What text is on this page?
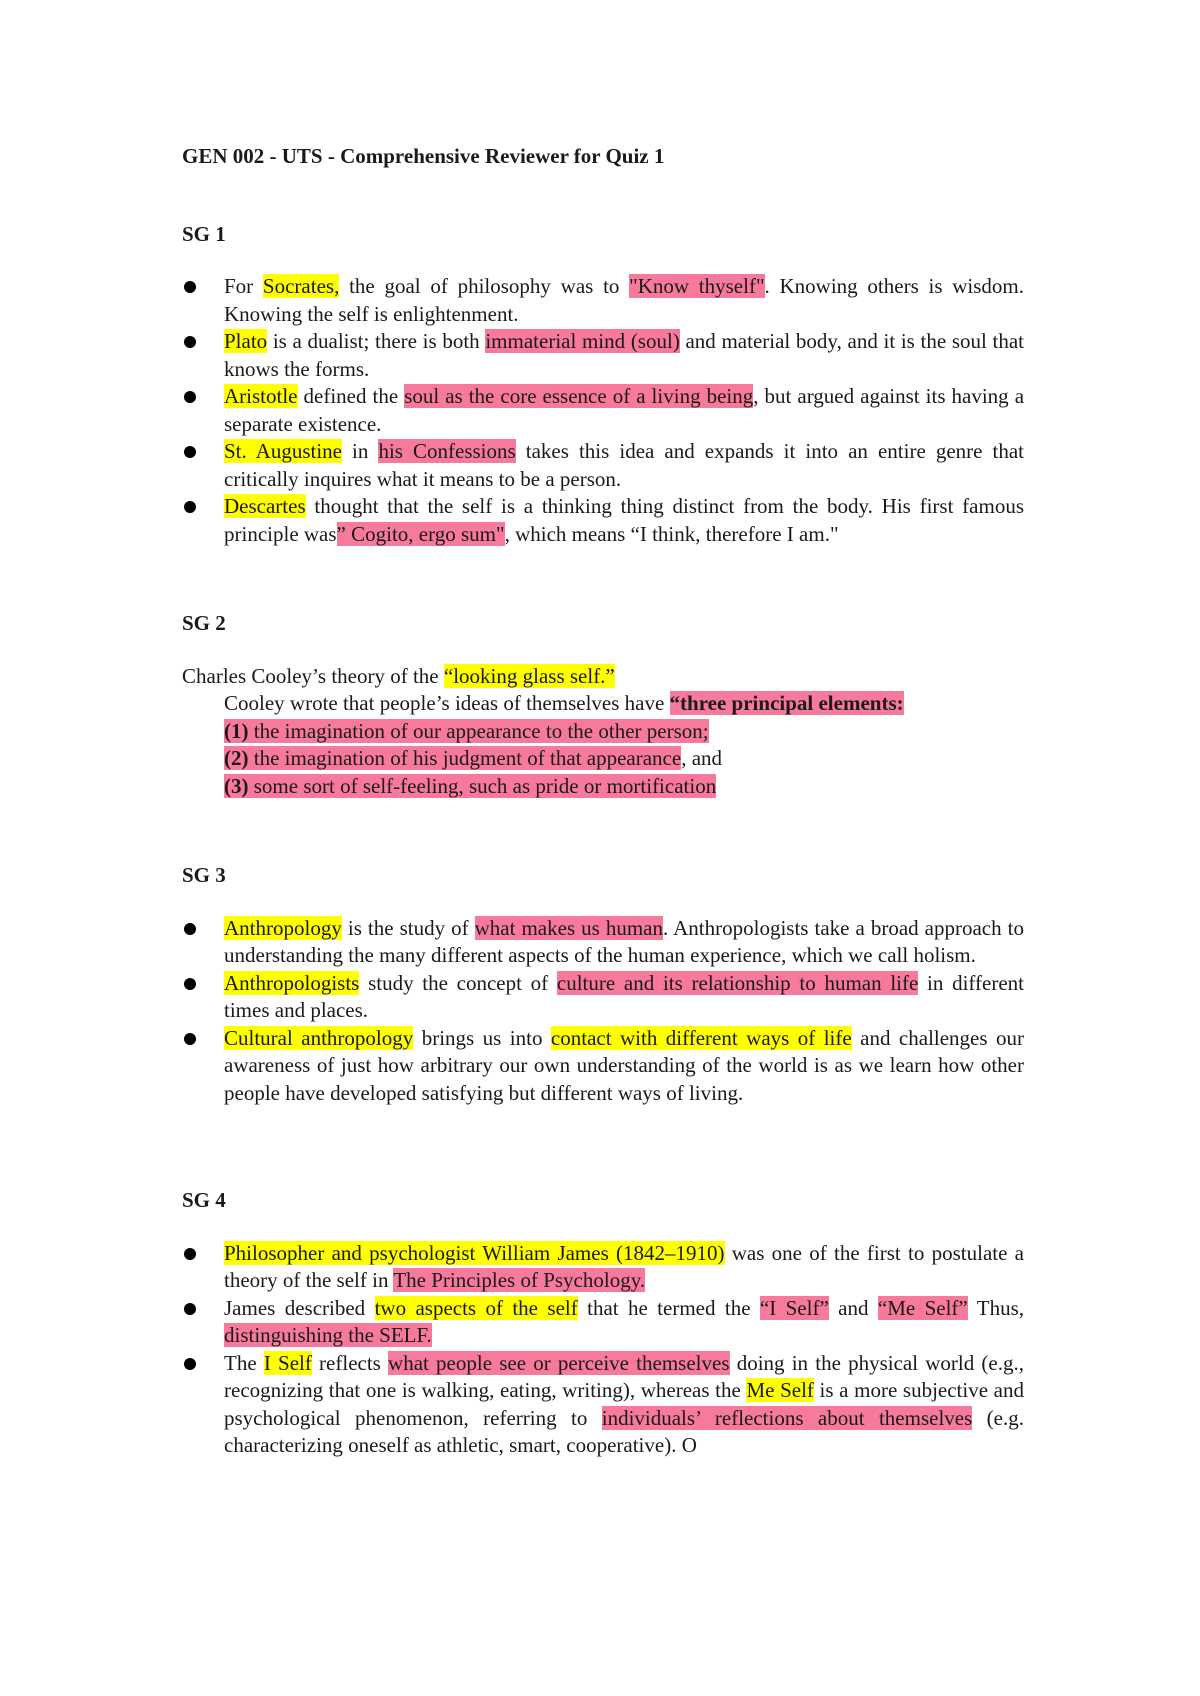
GEN 002 - UTS - Comprehensive Reviewer for Quiz 1
SG 1
For Socrates, the goal of philosophy was to "Know thyself". Knowing others is wisdom. Knowing the self is enlightenment.
Plato is a dualist; there is both immaterial mind (soul) and material body, and it is the soul that knows the forms.
Aristotle defined the soul as the core essence of a living being, but argued against its having a separate existence.
St. Augustine in his Confessions takes this idea and expands it into an entire genre that critically inquires what it means to be a person.
Descartes thought that the self is a thinking thing distinct from the body. His first famous principle was” Cogito, ergo sum", which means “I think, therefore I am."
SG 2

Charles Cooley’s theory of the “looking glass self.”

Cooley wrote that people’s ideas of themselves have “three principal elements:

(1) the imagination of our appearance to the other person;

(2) the imagination of his judgment of that appearance, and

(3) some sort of self-feeling, such as pride or mortification

SG 3
Anthropology is the study of what makes us human. Anthropologists take a broad approach to understanding the many different aspects of the human experience, which we call holism.
Anthropologists study the concept of culture and its relationship to human life in different times and places.
Cultural anthropology brings us into contact with different ways of life and challenges our awareness of just how arbitrary our own understanding of the world is as we learn how other people have developed satisfying but different ways of living.
SG 4
Philosopher and psychologist William James (1842–1910) was one of the first to postulate a theory of the self in The Principles of Psychology.
James described two aspects of the self that he termed the “I Self” and “Me Self” Thus, distinguishing the SELF.
The I Self reflects what people see or perceive themselves doing in the physical world (e.g., recognizing that one is walking, eating, writing), whereas the Me Self is a more subjective and psychological phenomenon, referring to individuals’ reflections about themselves (e.g. characterizing oneself as athletic, smart, cooperative). O
